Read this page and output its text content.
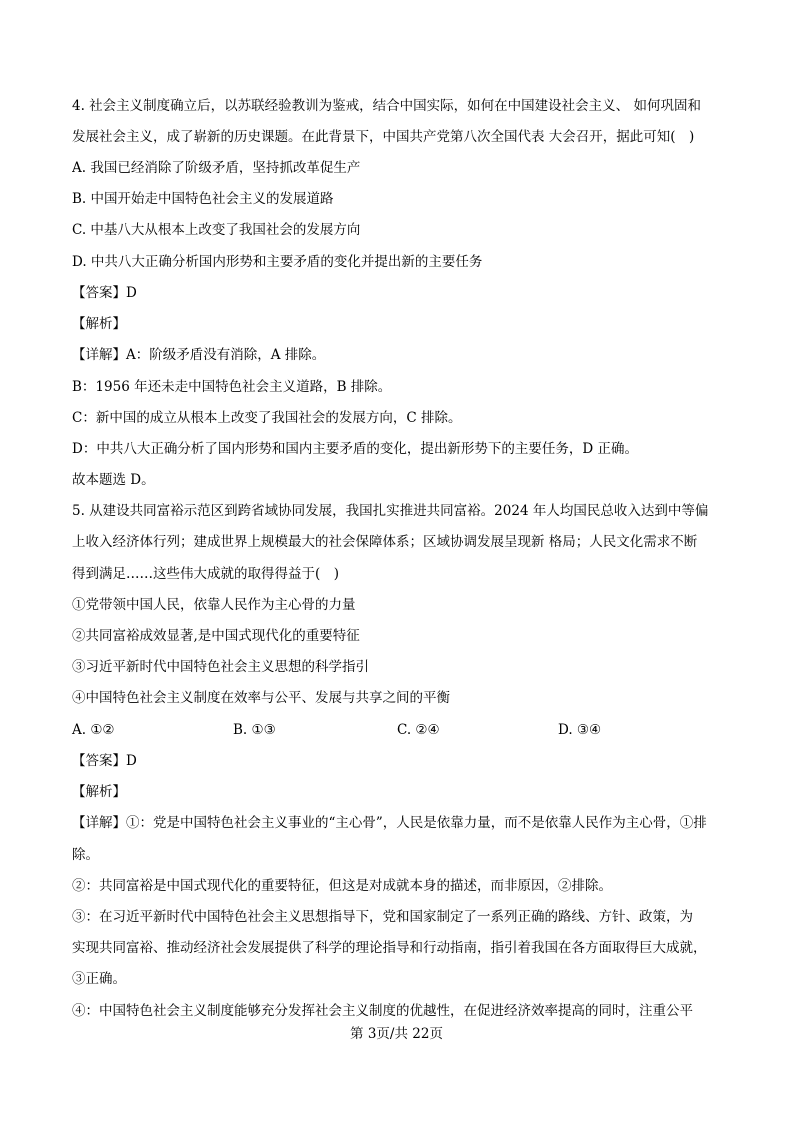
4. 社会主义制度确立后，以苏联经验教训为鉴戒，结合中国实际，如何在中国建设社会主义、 如何巩固和
发展社会主义，成了崭新的历史课题。在此背景下，中国共产党第八次全国代表 大会召开，据此可知(　)
A. 我国已经消除了阶级矛盾，坚持抓改革促生产
B. 中国开始走中国特色社会主义的发展道路
C. 中基八大从根本上改变了我国社会的发展方向
D. 中共八大正确分析国内形势和主要矛盾的变化并提出新的主要任务
【答案】D
【解析】
【详解】A：阶级矛盾没有消除，A 排除。
B：1956 年还未走中国特色社会主义道路，B 排除。
C：新中国的成立从根本上改变了我国社会的发展方向，C 排除。
D：中共八大正确分析了国内形势和国内主要矛盾的变化，提出新形势下的主要任务，D 正确。
故本题选 D。
5. 从建设共同富裕示范区到跨省域协同发展，我国扎实推进共同富裕。2024 年人均国民总收入达到中等偏
上收入经济体行列；建成世界上规模最大的社会保障体系；区域协调发展呈现新 格局；人民文化需求不断
得到满足……这些伟大成就的取得得益于(　)
①党带领中国人民，依靠人民作为主心骨的力量
②共同富裕成效显著,是中国式现代化的重要特征
③习近平新时代中国特色社会主义思想的科学指引
④中国特色社会主义制度在效率与公平、发展与共享之间的平衡
A. ①②	B. ①③	C. ②④	D. ③④
【答案】D
【解析】
【详解】①：党是中国特色社会主义事业的“主心骨”，人民是依靠力量，而不是依靠人民作为主心骨，①排
除。
②：共同富裕是中国式现代化的重要特征，但这是对成就本身的描述，而非原因，②排除。
③：在习近平新时代中国特色社会主义思想指导下，党和国家制定了一系列正确的路线、方针、政策，为
实现共同富裕、推动经济社会发展提供了科学的理论指导和行动指南，指引着我国在各方面取得巨大成就，
③正确。
④：中国特色社会主义制度能够充分发挥社会主义制度的优越性，在促进经济效率提高的同时，注重公平
第 3页/共 22页
